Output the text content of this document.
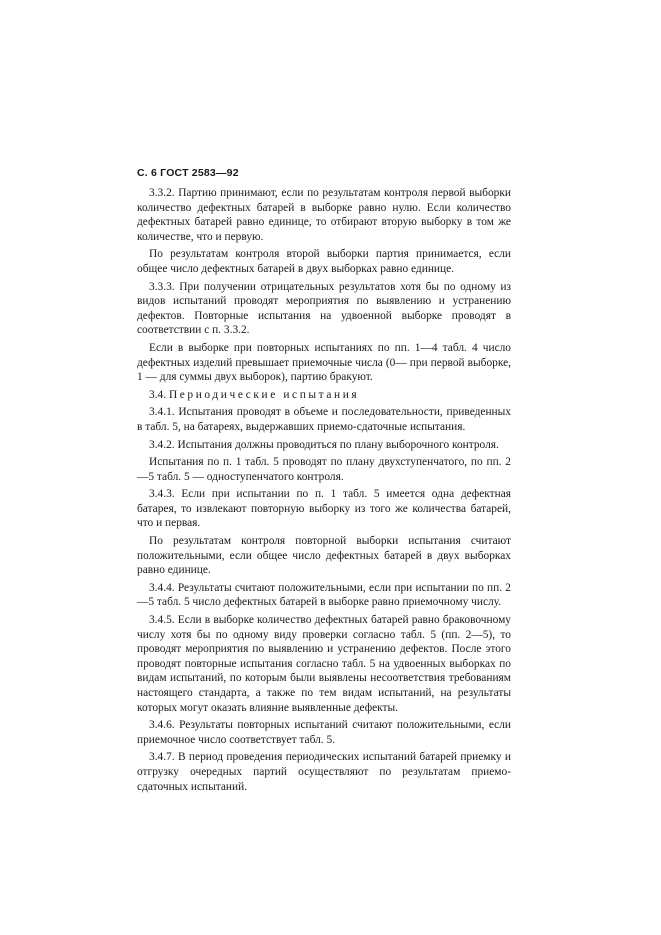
С. 6 ГОСТ 2583—92

3.3.2. Партию принимают, если по результатам контроля первой выборки количество дефектных батарей в выборке равно нулю. Если количество дефектных батарей равно единице, то отбирают вторую выборку в том же количестве, что и первую.

По результатам контроля второй выборки партия принимается, если общее число дефектных батарей в двух выборках равно единице.

3.3.3. При получении отрицательных результатов хотя бы по одному из видов испытаний проводят мероприятия по выявлению и устранению дефектов. Повторные испытания на удвоенной выборке проводят в соответствии с п. 3.3.2.

Если в выборке при повторных испытаниях по пп. 1—4 табл. 4 число дефектных изделий превышает приемочные числа (0— при первой выборке, 1 — для суммы двух выборок), партию бракуют.

3.4. Периодические испытания

3.4.1. Испытания проводят в объеме и последовательности, приведенных в табл. 5, на батареях, выдержавших приемо-сдаточные испытания.

3.4.2. Испытания должны проводиться по плану выборочного контроля.

Испытания по п. 1 табл. 5 проводят по плану двухступенчатого, по пп. 2—5 табл. 5 — одноступенчатого контроля.

3.4.3. Если при испытании по п. 1 табл. 5 имеется одна дефектная батарея, то извлекают повторную выборку из того же количества батарей, что и первая.

По результатам контроля повторной выборки испытания считают положительными, если общее число дефектных батарей в двух выборках равно единице.

3.4.4. Результаты считают положительными, если при испытании по пп. 2—5 табл. 5 число дефектных батарей в выборке равно приемочному числу.

3.4.5. Если в выборке количество дефектных батарей равно браковочному числу хотя бы по одному виду проверки согласно табл. 5 (пп. 2—5), то проводят мероприятия по выявлению и устранению дефектов. После этого проводят повторные испытания согласно табл. 5 на удвоенных выборках по видам испытаний, по которым были выявлены несоответствия требованиям настоящего стандарта, а также по тем видам испытаний, на результаты которых могут оказать влияние выявленные дефекты.

3.4.6. Результаты повторных испытаний считают положительными, если приемочное число соответствует табл. 5.

3.4.7. В период проведения периодических испытаний батарей приемку и отгрузку очередных партий осуществляют по результатам приемо-сдаточных испытаний.
